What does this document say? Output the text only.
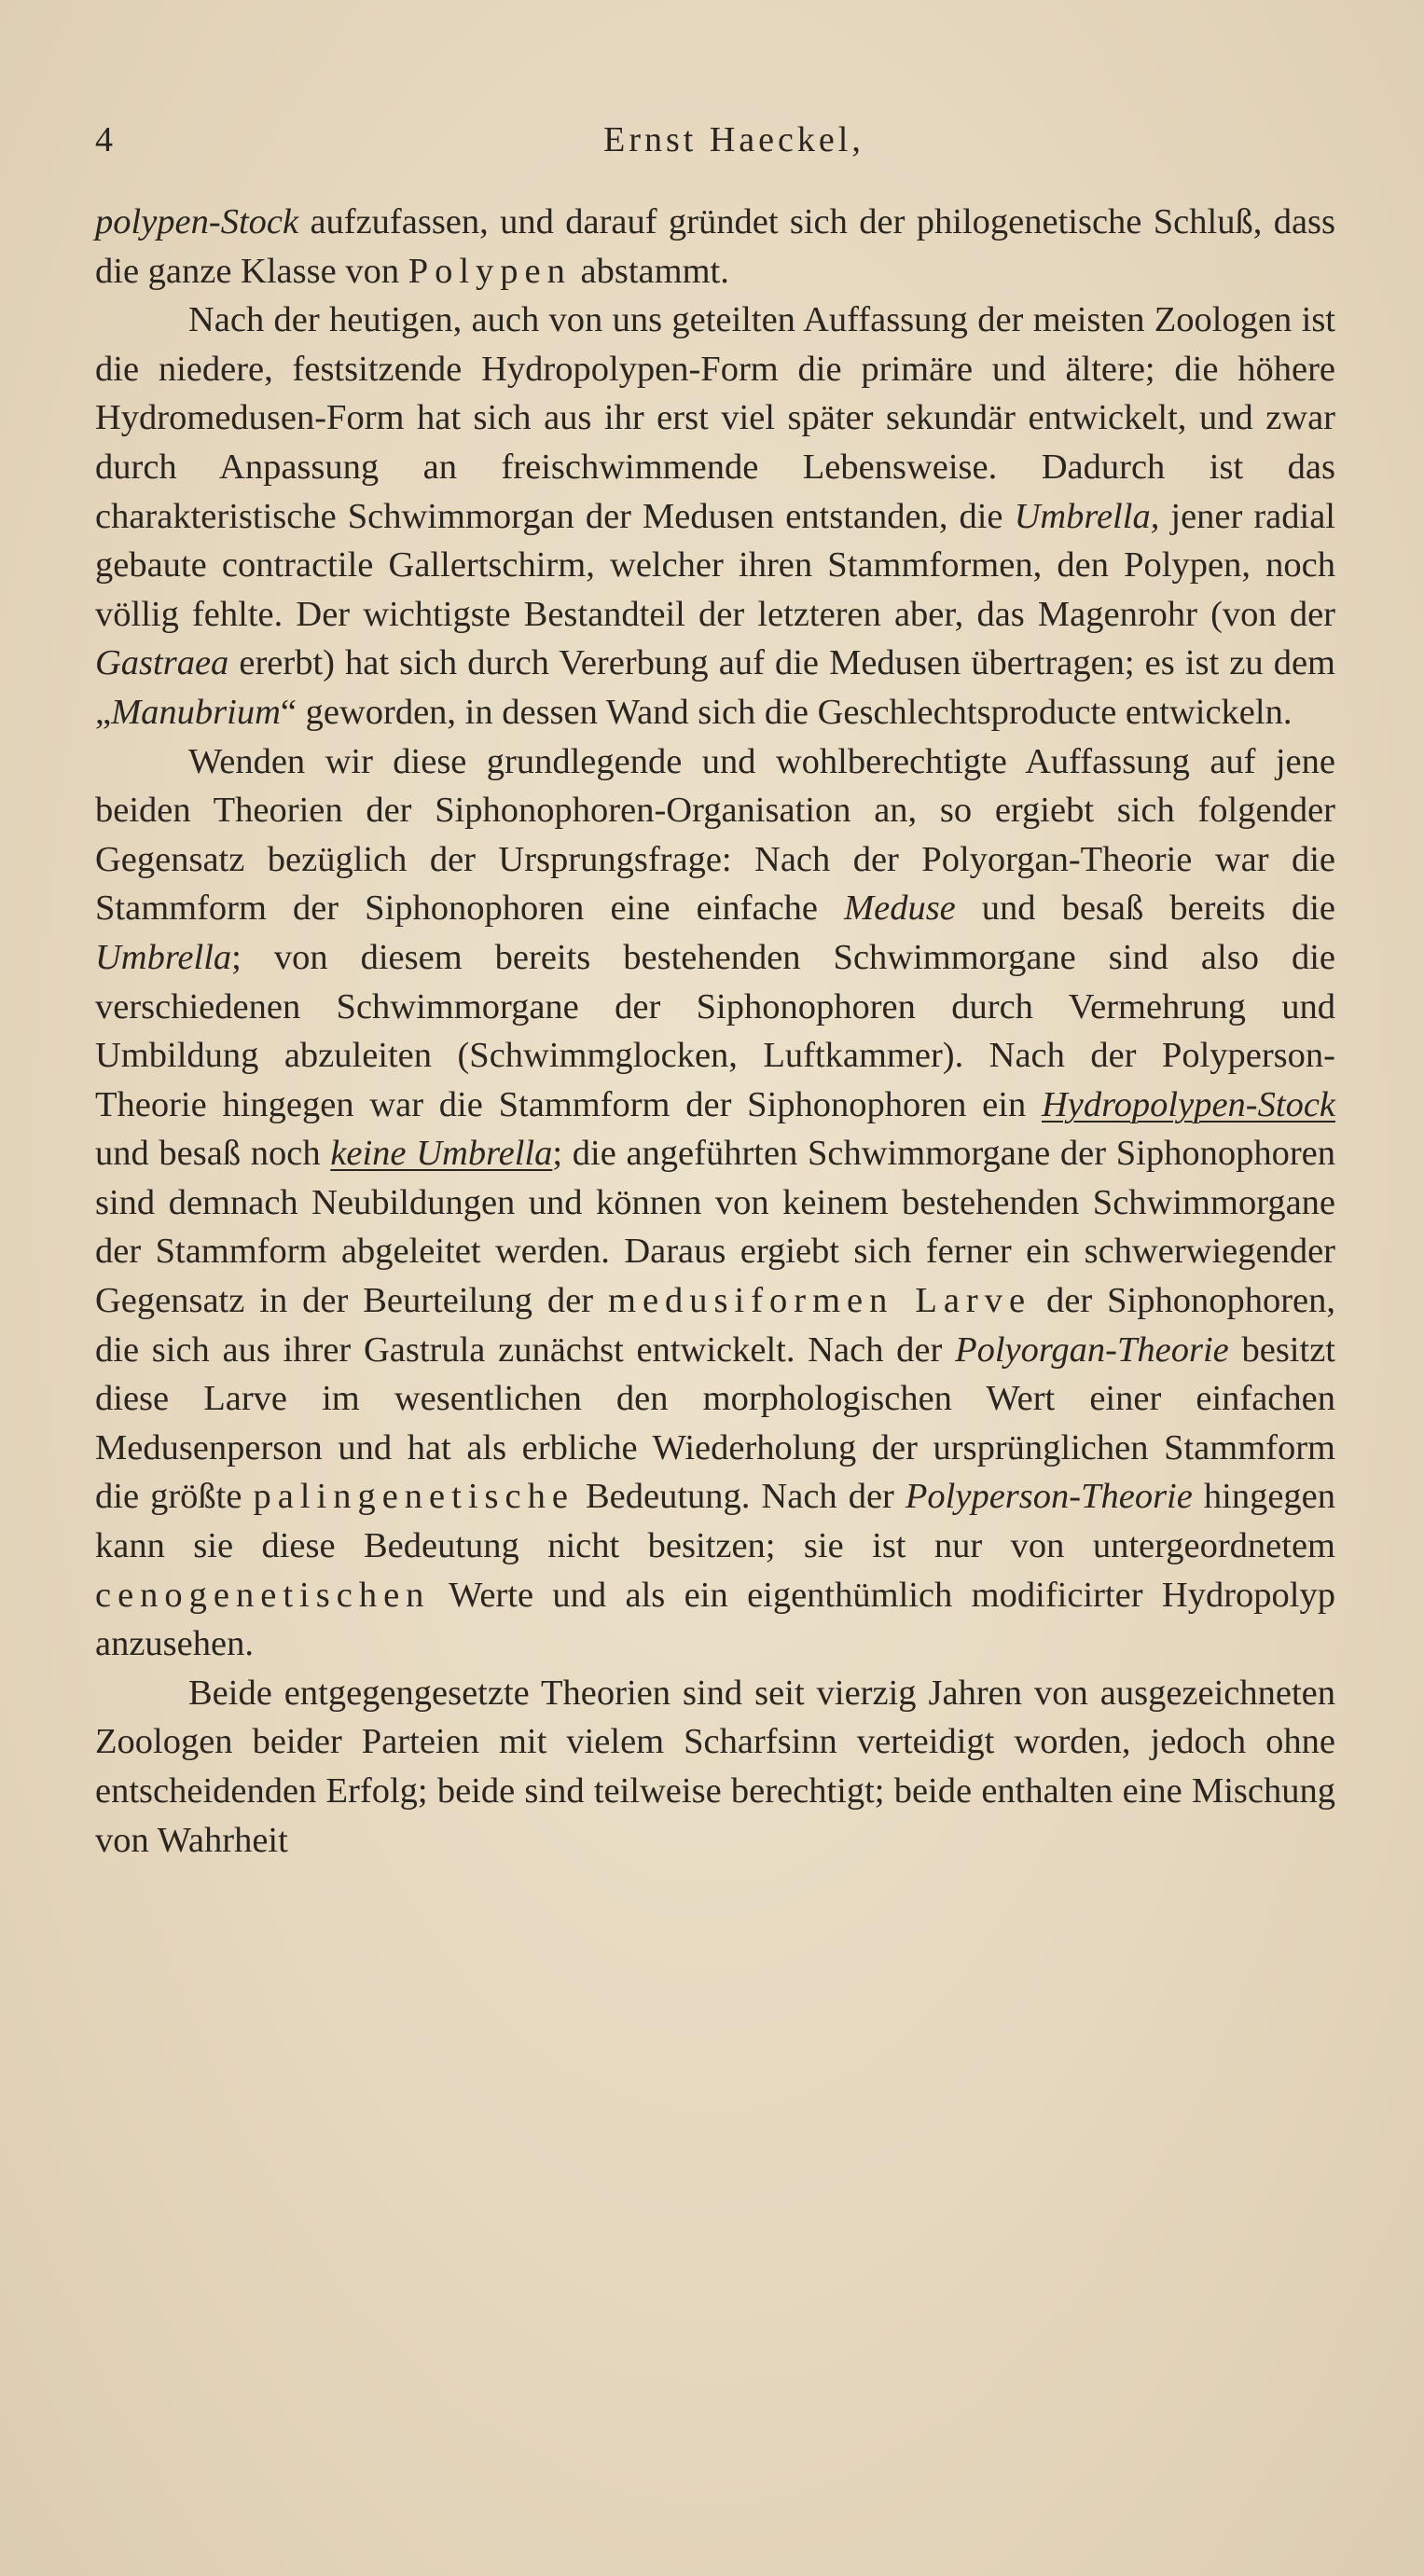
4	Ernst Haeckel,

polypen-Stock aufzufassen, und darauf gründet sich der philogenetische Schluß, dass die ganze Klasse von Polypen abstammt.

Nach der heutigen, auch von uns geteilten Auffassung der meisten Zoologen ist die niedere, festsitzende Hydropolypen-Form die primäre und ältere; die höhere Hydromedusen-Form hat sich aus ihr erst viel später sekundär entwickelt, und zwar durch Anpassung an freischwimmende Lebensweise. Dadurch ist das charakteristische Schwimmorgan der Medusen entstanden, die Umbrella, jener radial gebaute contractile Gallertschirm, welcher ihren Stammformen, den Polypen, noch völlig fehlte. Der wichtigste Bestandteil der letzteren aber, das Magenrohr (von der Gastraea ererbt) hat sich durch Vererbung auf die Medusen übertragen; es ist zu dem „Manubrium“ geworden, in dessen Wand sich die Geschlechtsproducte entwickeln.

Wenden wir diese grundlegende und wohlberechtigte Auffassung auf jene beiden Theorien der Siphonophoren-Organisation an, so ergiebt sich folgender Gegensatz bezüglich der Ursprungsfrage: Nach der Polyorgan-Theorie war die Stammform der Siphonophoren eine einfache Meduse und besaß bereits die Umbrella; von diesem bereits bestehenden Schwimmorgane sind also die verschiedenen Schwimmorgane der Siphonophoren durch Vermehrung und Umbildung abzuleiten (Schwimmglocken, Luftkammer). Nach der Polyperson-Theorie hingegen war die Stammform der Siphonophoren ein Hydropolypen-Stock und besaß noch keine Umbrella; die angeführten Schwimmorgane der Siphonophoren sind demnach Neubildungen und können von keinem bestehenden Schwimmorgane der Stammform abgeleitet werden. Daraus ergiebt sich ferner ein schwerwiegender Gegensatz in der Beurteilung der medusiformen Larve der Siphonophoren, die sich aus ihrer Gastrula zunächst entwickelt. Nach der Polyorgan-Theorie besitzt diese Larve im wesentlichen den morphologischen Wert einer einfachen Medusenperson und hat als erbliche Wiederholung der ursprünglichen Stammform die größte palingenetische Bedeutung. Nach der Polyperson-Theorie hingegen kann sie diese Bedeutung nicht besitzen; sie ist nur von untergeordnetem cenogenetischen Werte und als ein eigenthümlich modificirter Hydropolyp anzusehen.

Beide entgegengesetzte Theorien sind seit vierzig Jahren von ausgezeichneten Zoologen beider Parteien mit vielem Scharfsinn verteidigt worden, jedoch ohne entscheidenden Erfolg; beide sind teilweise berechtigt; beide enthalten eine Mischung von Wahrheit
